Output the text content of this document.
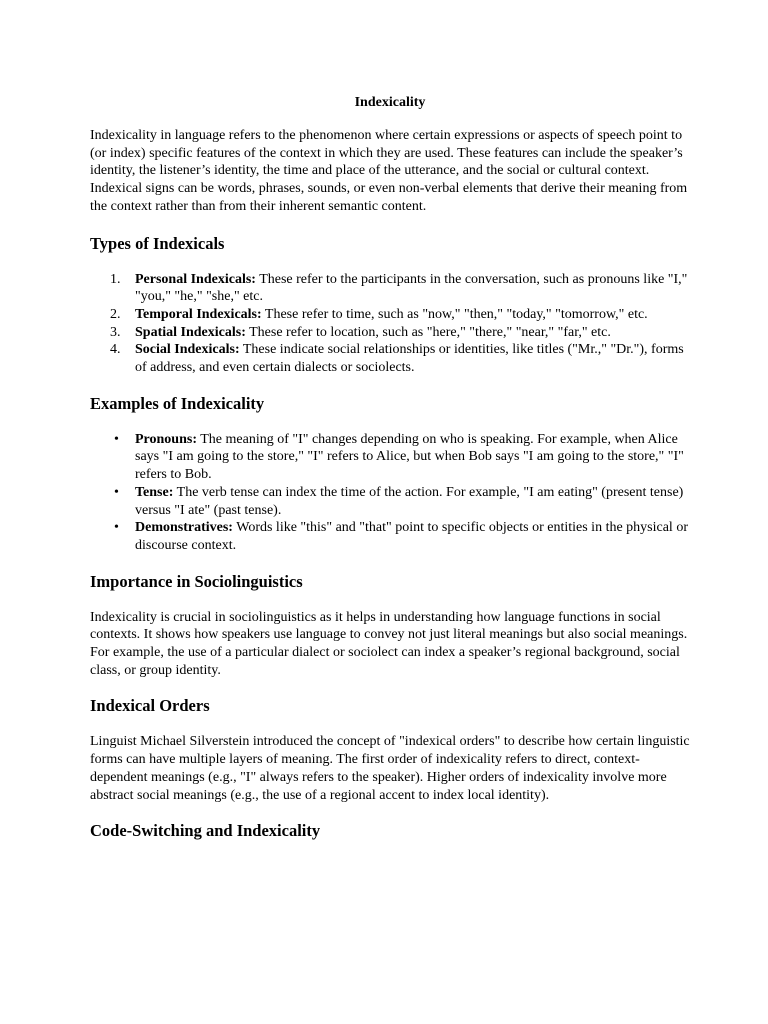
Indexicality

Indexicality in language refers to the phenomenon where certain expressions or aspects of speech point to (or index) specific features of the context in which they are used. These features can include the speaker’s identity, the listener’s identity, the time and place of the utterance, and the social or cultural context. Indexical signs can be words, phrases, sounds, or even non-verbal elements that derive their meaning from the context rather than from their inherent semantic content.

Types of Indexicals
1. Personal Indexicals: These refer to the participants in the conversation, such as pronouns like "I," "you," "he," "she," etc.
2. Temporal Indexicals: These refer to time, such as "now," "then," "today," "tomorrow," etc.
3. Spatial Indexicals: These refer to location, such as "here," "there," "near," "far," etc.
4. Social Indexicals: These indicate social relationships or identities, like titles ("Mr.," "Dr."), forms of address, and even certain dialects or sociolects.
Examples of Indexicality
• Pronouns: The meaning of "I" changes depending on who is speaking. For example, when Alice says "I am going to the store," "I" refers to Alice, but when Bob says "I am going to the store," "I" refers to Bob.
• Tense: The verb tense can index the time of the action. For example, "I am eating" (present tense) versus "I ate" (past tense).
• Demonstratives: Words like "this" and "that" point to specific objects or entities in the physical or discourse context.
Importance in Sociolinguistics

Indexicality is crucial in sociolinguistics as it helps in understanding how language functions in social contexts. It shows how speakers use language to convey not just literal meanings but also social meanings. For example, the use of a particular dialect or sociolect can index a speaker’s regional background, social class, or group identity.

Indexical Orders

Linguist Michael Silverstein introduced the concept of "indexical orders" to describe how certain linguistic forms can have multiple layers of meaning. The first order of indexicality refers to direct, context-dependent meanings (e.g., "I" always refers to the speaker). Higher orders of indexicality involve more abstract social meanings (e.g., the use of a regional accent to index local identity).

Code-Switching and Indexicality
